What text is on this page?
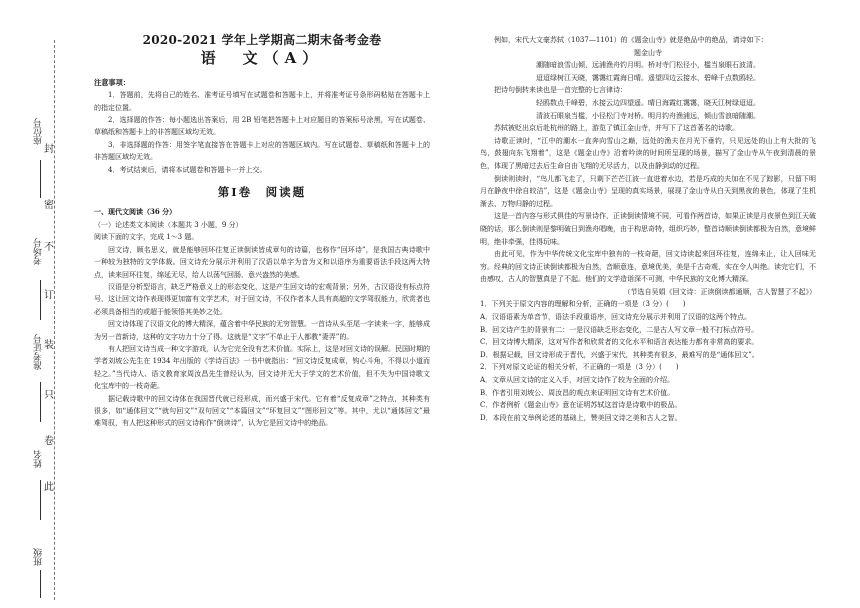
座位号
考场号
准考证号
姓名
班级
封
密
不
订
装
只
卷
此
2020-2021 学年上学期高二期末备考金卷
语　文（A）

注意事项：

1．答题前，先将自己的姓名、准考证号填写在试题卷和答题卡上，并将准考证号条形码粘贴在答题卡上的指定位置。

2．选择题的作答：每小题选出答案后，用 2B 铅笔把答题卡上对应题目的答案标号涂黑，写在试题卷、草稿纸和答题卡上的非答题区域均无效。

3．非选择题的作答：用签字笔直接答在答题卡上对应的答题区域内。写在试题卷、草稿纸和答题卡上的非答题区域均无效。

4．考试结束后，请将本试题卷和答题卡一并上交。

第Ⅰ卷　阅读题

一、现代文阅读（36 分）

（一）论述类文本阅读（本题共 3 小题，9 分）

阅读下面的文字，完成 1～3 题。

回文诗，顾名思义，就是能够回环往复正读倒读皆成章句的诗篇，也称作“回环诗”，是我国古典诗歌中一种较为独特的文学体裁。回文诗充分展示并利用了汉语以单字为音为义和以语序为重要语法手段这两大特点，读来回环往复，绵延无尽，给人以荡气回肠、意兴盎然的美感。

汉语是分析型语言，缺乏严格意义上的形态变化，这是产生回文诗的宏观背景；另外，古汉语没有标点符号，这让回文诗作表现得更加富有文学艺术，对于回文诗，不仅作者本人具有高超的文学驾驭能力，欣赏者也必须具备相当的或超于能领悟其美妙之处。

回文诗体现了汉语文化的博大精深，蕴含着中华民族的无穷智慧。一首诗从头至尾一字读来一字，能够成为另一首新诗，这种的文字功力十分了得。这就是“文字”不单止于人都教“妻弄”的。

有人把回文诗当成一种文字游戏，认为它完全没有艺术价值。实际上，这是对回文诗的误解。民国时期的学者刘坡公先生在 1934 年出版的《学诗百法》一书中就指出：“回文诗反复成章，钩心斗角，不得以小道而轻之。”当代诗人、语文教育家周汝昌先生曾经认为，回文诗并无大于学文的艺术价值，但不失为中国诗歌文化宝库中的一枝奇葩。

据记载诗歌中的回文诗体在我国晋代就已经形成，而兴盛于宋代。它有着“反复成章”之特点，其种类有很多，如“通体回文”“就句回文”“双句回文”“本篇回文”“环复回文”“图形回文”等。其中，尤以“通体回文”最难驾驭，有人把这种形式的回文诗称作“倒读诗”，认为它是回文诗中的绝品。

例如，宋代大文豪苏轼（1037—1101）的《题金山寺》就是绝品中的绝品，请诗如下：

题金山寺

潮随暗浪雪山倾，远浦渔舟钓月明。桥对寺门松径小，槛当泉眼石波清。

迢迢绿树江天晓，霭霭红霞海日晴。遥望四边云接水，碧峰千点数鸥轻。

把诗句倒转来读也是一首完整的七言律诗：

轻鸥数点千峰碧，水接云边四望遥。晴日海霞红霭霭，晓天江树绿迢迢。

清波石眼泉当槛，小径松门寺对桥。明月钓舟渔浦远，倾山雪浪暗随潮。

苏轼被贬出京后赴杭州的路上，游览了镇江金山寺，并写下了这首著名的诗歌。

诗歌正读时，“江中的潮水一直奔向雪山之巅，远处的渔夫在月光下垂钓，只见远处的山上有大批的飞鸟，鼓翅向东飞翔着”，这是《题金山寺》沿着吟读的时间所呈现的场景，描写了金山寺从午夜到清晨的景色，体现了黑暗过去后生命自由飞翔的无尽活力，以及由静到动的过程。

倒读则读时，“鸟儿都飞走了，只剩下芒芒江波一直进着水边，若是巧成的夫加在不见了踪影，只留下明月在静夜中徐自皎洁”，这是《题金山寺》呈现的真实场景，展现了金山寺从白天到黑夜的景色，体现了生机渐去、万物归静的过程。

这是一首内容与形式俱佳的写景诗作，正读倒读情境不同，可看作两首诗，如果正读是月夜景色到江天破晓的话，那么倒读则是黎明破日到渔舟唱晚，由于构思奇特，组织巧妙，整首诗顺读倒读都极为自然，意境鲜明，绝非牵强，佳得玩味。

由此可见，作为中华传统文化宝库中独有的一枝奇葩，回文诗读起来回环往复，连绵未止，让人回味无穷。经典的回文诗正读倒读都极为自然，音顺意连，意境优美，美是千古奇观，实在令人叫绝。读完它们，不由感叹，古人的智慧真是了不起。他们的文学造诣深不可测，中华民族的文化博大精深。

（节选自吴娟《回文诗：正读倒读都通顺，古人智慧了不起》）

1．下列关于原文内容的理解和分析，正确的一项是（3 分）(　　)

A．汉语语素为单音节，语法手段重语序，回文诗充分展示并利用了汉语的这两个特点。

B．回文诗产生的背景有二：一是汉语缺乏形态变化，二是古人写文章一般不打标点符号。

C．回文诗博大精深，这对写作者和欣赏者的文化水平和语言表达能力都有非常高的要求。

D．根据记载，回文诗形成于晋代，兴盛于宋代，其种类有很多，最难写的是“通体回文”。

2．下列对原文论证的相关分析，不正确的一项是（3 分）(　　)

A．文章从回文诗的定义入手，对回文诗作了较为全面的介绍。

B．作者引用刘坡公、周汝昌的观点来证明回文诗有艺术价值。

C．作者例析《题金山寺》意在证明苏轼这首诗是诗歌中的极品。

D．本段在前文举例论述的基础上，赞美回文诗之美和古人之智。
